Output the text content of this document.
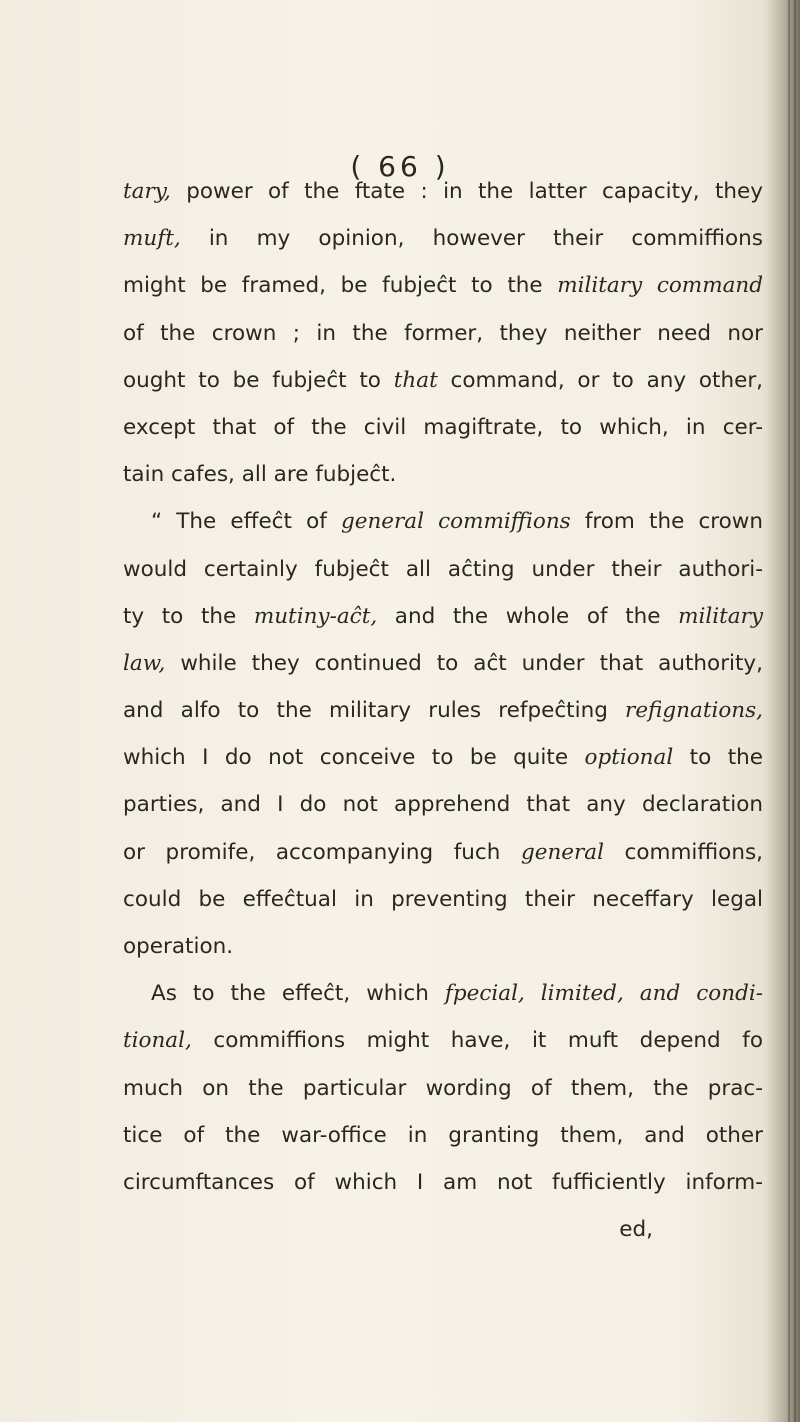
( 66 )
tary, power of the ftate : in the latter capacity, they
muft, in my opinion, however their commiffions
might be framed, be fubjeĉt to the military command
of the crown ; in the former, they neither need nor
ought to be fubjeĉt to that command, or to any other,
except that of the civil magiftrate, to which, in cer-
tain cafes, all are fubjeĉt.
“ The effeĉt of general commiffions from the crown
would certainly fubjeĉt all aĉting under their authori-
ty to the mutiny-aĉt, and the whole of the military
law, while they continued to aĉt under that authority,
and alfo to the military rules refpeĉting refignations,
which I do not conceive to be quite optional to the
parties, and I do not apprehend that any declaration
or promife, accompanying fuch general commiffions,
could be effeĉtual in preventing their neceffary legal
operation.
As to the effeĉt, which fpecial, limited, and condi-
tional, commiffions might have, it muft depend fo
much on the particular wording of them, the prac-
tice of the war-office in granting them, and other
circumftances of which I am not fufficiently inform-
ed,
